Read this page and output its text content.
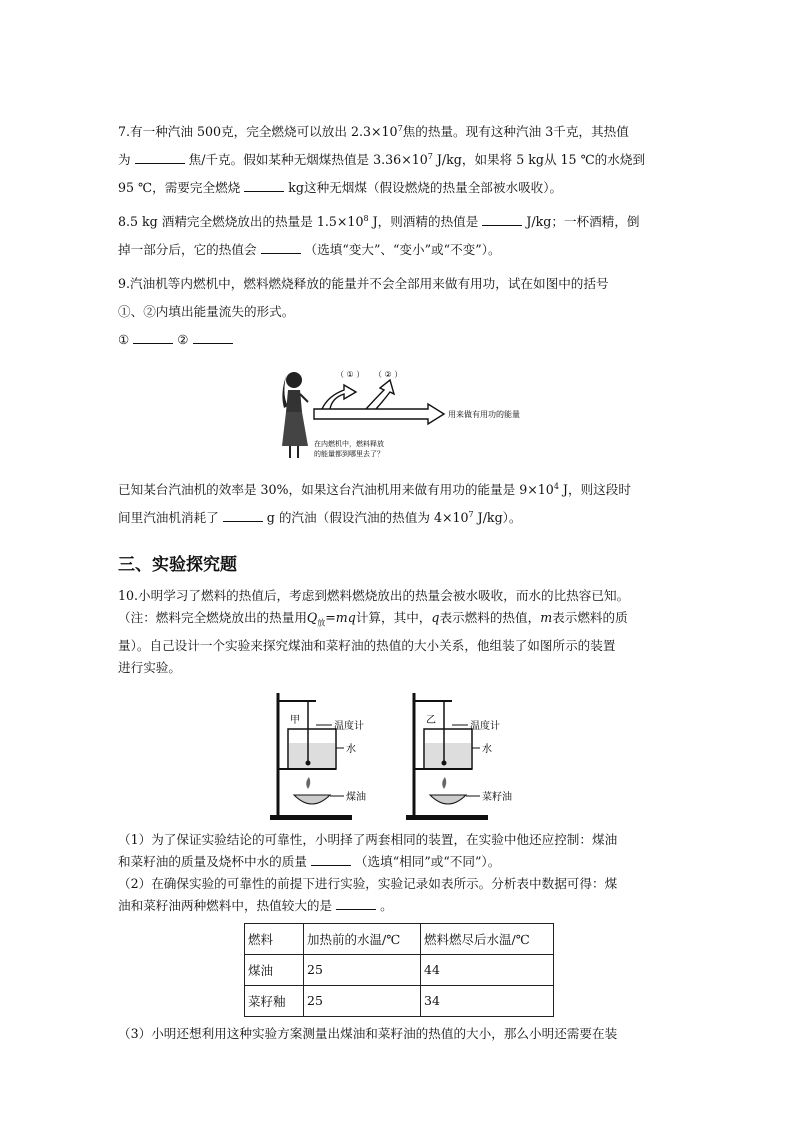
7.有一种汽油 500克，完全燃烧可以放出 $2.3\times 10^7$焦的热量。现有这种汽油 3千克，其热值

为	焦/千克。假如某种无烟煤热值是 $3.36\times 10^7$ J/kg，如果将 5 kg从 15 ℃的水烧到

95 ℃，需要完全燃烧	kg这种无烟煤（假设燃烧的热量全部被水吸收）。

8.5 kg 酒精完全燃烧放出的热量是 $1.5\times 10^8$ J，则酒精的热值是	J/kg；一杯酒精，倒

掉一部分后，它的热值会	（选填“变大”、“变小”或“不变”）。

9.汽油机等内燃机中，燃料燃烧释放的能量并不会全部用来做有用功，试在如图中的括号

①、②内填出能量流失的形式。

①	②

（ ① ） （ ② ）
用来做有用功的能量
在内燃机中，燃料释放
的能量都到哪里去了？

已知某台汽油机的效率是 30%，如果这台汽油机用来做有用功的能量是 $9\times 10^4$ J，则这段时

间里汽油机消耗了	g 的汽油（假设汽油的热值为 $4\times 10^7$ J/kg）。

三、实验探究题

10.小明学习了燃料的热值后，考虑到燃料燃烧放出的热量会被水吸收，而水的比热容已知。

（注：燃料完全燃烧放出的热量用$Q_放=mq$计算，其中，q表示燃料的热值，m表示燃料的质

量）。自己设计一个实验来探究煤油和菜籽油的热值的大小关系，他组装了如图所示的装置

进行实验。

甲
温度计
水
煤油
乙
温度计
水
菜籽油

（1）为了保证实验结论的可靠性，小明择了两套相同的装置，在实验中他还应控制：煤油

和菜籽油的质量及烧杯中水的质量	（选填“相同”或“不同”）。

（2）在确保实验的可靠性的前提下进行实验，实验记录如表所示。分析表中数据可得：煤

油和菜籽油两种燃料中，热值较大的是	。

燃料	加热前的水温/℃	燃料燃尽后水温/℃
煤油	25	44
菜籽釉	25	34

（3）小明还想利用这种实验方案测量出煤油和菜籽油的热值的大小，那么小明还需要在装
